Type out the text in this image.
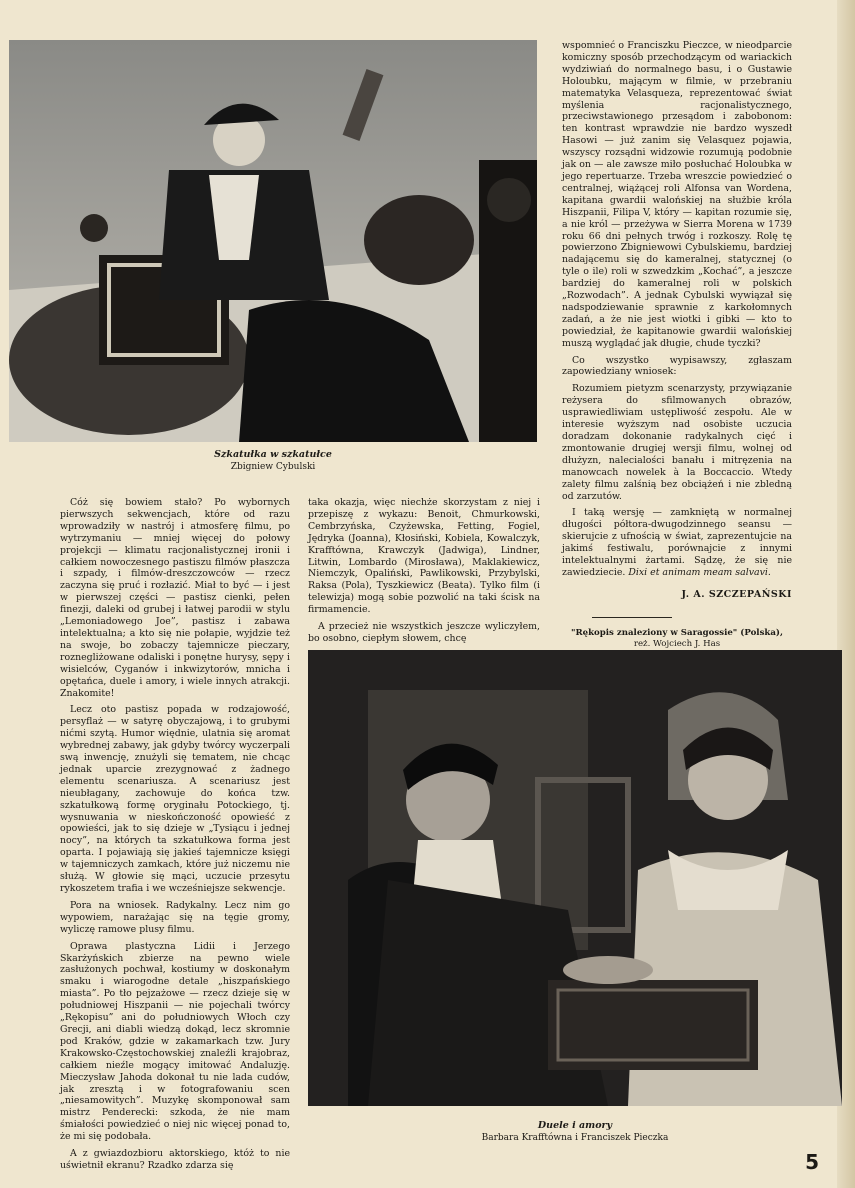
Szkatułka w szkatułce
Zbigniew Cybulski

wspomnieć o Franciszku Pieczce, w nieodparcie komiczny sposób przechodzącym od wariackich wydziwiań do normalnego basu, i o Gustawie Holoubku, mającym w filmie, w przebraniu matematyka Velasqueza, reprezentować świat myślenia racjonalistycznego, przeciwstawionego przesądom i zabobonom: ten kontrast wprawdzie nie bardzo wyszedł Hasowi — już zanim się Velasquez pojawia, wszyscy rozsądni widzowie rozumują podobnie jak on — ale zawsze miło posłuchać Holoubka w jego repertuarze. Trzeba wreszcie powiedzieć o centralnej, wiążącej roli Alfonsa van Wordena, kapitana gwardii walońskiej na służbie króla Hiszpanii, Filipa V, który — kapitan rozumie się, a nie król — przeżywa w Sierra Morena w 1739 roku 66 dni pełnych trwóg i rozkoszy. Rolę tę powierzono Zbigniewowi Cybulskiemu, bardziej nadającemu się do kameralnej, statycznej (o tyle o ile) roli w szwedzkim „Kochać”, a jeszcze bardziej do kameralnej roli w polskich „Rozwodach”. A jednak Cybulski wywiązał się nadspodziewanie sprawnie z karkołomnych zadań, a że nie jest wiotki i gibki — kto to powiedział, że kapitanowie gwardii walońskiej muszą wyglądać jak długie, chude tyczki?

Co wszystko wypisawszy, zgłaszam zapowiedziany wniosek:

Rozumiem pietyzm scenarzysty, przywiązanie reżysera do sfilmowanych obrazów, usprawiedliwiam ustępliwość zespołu. Ale w interesie wyższym nad osobiste uczucia doradzam dokonanie radykalnych cięć i zmontowanie drugiej wersji filmu, wolnej od dłużyzn, nalecialości banału i mitręzenia na manowcach nowelek à la Boccaccio. Wtedy zalety filmu zalśnią bez obciążeń i nie zbledną od zarzutów.

I taką wersję — zamkniętą w normalnej długości półtora-dwugodzinnego seansu — skierujcie z ufnością w świat, zaprezentujcie na jakimś festiwalu, porównajcie z innymi intelektualnymi żartami. Sądzę, że się nie zawiedziecie. Dixi et animam meam salvavi.

J. A. SZCZEPAŃSKI
"Rękopis znaleziony w Saragossie" (Polska),
reż. Wojciech J. Has

Cóż się bowiem stało? Po wybornych pierwszych sekwencjach, które od razu wprowadziły w nastrój i atmosferę filmu, po wytrzymaniu — mniej więcej do połowy projekcji — klimatu racjonalistycznej ironii i całkiem nowoczesnego pastiszu filmów płaszcza i szpady, i filmów-dreszczowców — rzecz zaczyna się pruć i rozłazić. Miał to być — i jest w pierwszej części — pastisz cienki, pełen finezji, daleki od grubej i łatwej parodii w stylu „Lemoniadowego Joe”, pastisz i zabawa intelektualna; a kto się nie połapie, wyjdzie też na swoje, bo zobaczy tajemnicze pieczary, roznegliżowane odaliski i ponętne hurysy, sępy i wisielców, Cyganów i inkwizytorów, mnicha i opętańca, duele i amory, i wiele innych atrakcji. Znakomite!

Lecz oto pastisz popada w rodzajowość, persyflaż — w satyrę obyczajową, i to grubymi nićmi szytą. Humor więdnie, ulatnia się aromat wybrednej zabawy, jak gdyby twórcy wyczerpali swą inwencję, znużyli się tematem, nie chcąc jednak uparcie zrezygnować z żadnego elementu scenariusza. A scenariusz jest nieubłagany, zachowuje do końca tzw. szkatułkową formę oryginału Potockiego, tj. wysnuwania w nieskończoność opowieść z opowieści, jak to się dzieje w „Tysiącu i jednej nocy”, na których ta szkatułkowa forma jest oparta. I pojawiają się jakieś tajemnicze księgi w tajemniczych zamkach, które już niczemu nie służą. W głowie się mąci, uczucie przesytu rykoszetem trafia i we wcześniejsze sekwencje.

Pora na wniosek. Radykalny. Lecz nim go wypowiem, narażając się na tęgie gromy, wyliczę ramowe plusy filmu.

Oprawa plastyczna Lidii i Jerzego Skarżyńskich zbierze na pewno wiele zasłużonych pochwał, kostiumy w doskonałym smaku i wiarogodne detale „hiszpańskiego miasta”. Po tło pejzażowe — rzecz dzieje się w południowej Hiszpanii — nie pojechali twórcy „Rękopisu” ani do południowych Włoch czy Grecji, ani diabli wiedzą dokąd, lecz skromnie pod Kraków, gdzie w zakamarkach tzw. Jury Krakowsko-Częstochowskiej znaleźli krajobraz, całkiem nieźle mogący imitować Andaluzję. Mieczysław Jahoda dokonał tu nie lada cudów, jak zresztą i w fotografowaniu scen „niesamowitych”. Muzykę skomponował sam mistrz Penderecki: szkoda, że nie mam śmiałości powiedzieć o niej nic więcej ponad to, że mi się podobała.

A z gwiazdozbioru aktorskiego, któż to nie uświetnił ekranu? Rzadko zdarza się

taka okazja, więc niechże skorzystam z niej i przepiszę z wykazu: Benoit, Chmurkowski, Cembrzyńska, Czyżewska, Fetting, Fogiel, Jędryka (Joanna), Kłosiński, Kobiela, Kowalczyk, Krafftówna, Krawczyk (Jadwiga), Lindner, Litwin, Lombardo (Mirosława), Maklakiewicz, Niemczyk, Opaliński, Pawlikowski, Przybylski, Raksa (Pola), Tyszkiewicz (Beata). Tylko film (i telewizja) mogą sobie pozwolić na taki ścisk na firmamencie.

A przecież nie wszystkich jeszcze wyliczyłem, bo osobno, ciepłym słowem, chcę

Duele i amory
Barbara Krafftówna i Franciszek Pieczka
5
